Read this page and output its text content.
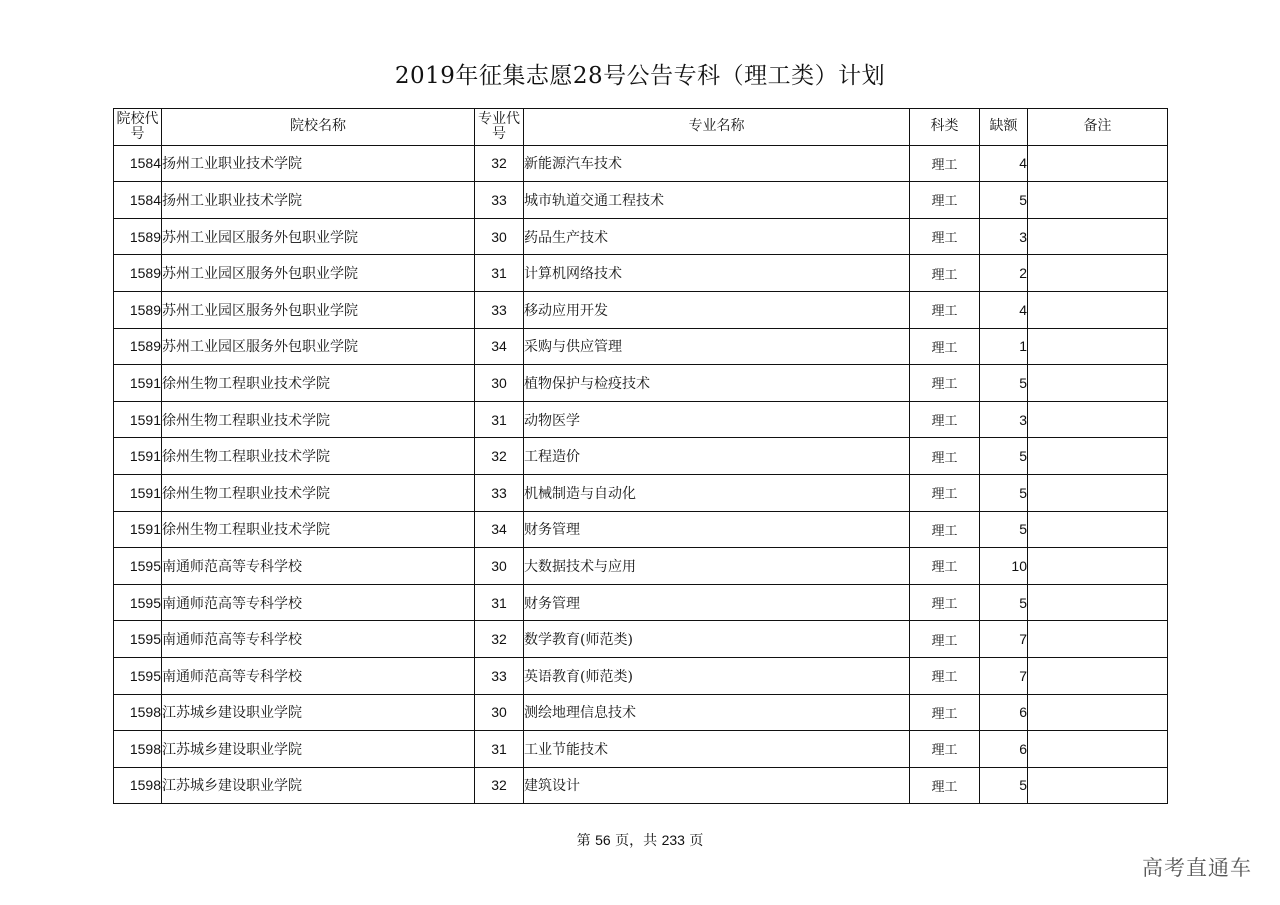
2019年征集志愿28号公告专科（理工类）计划
院校代号	院校名称	专业代号	专业名称	科类	缺额	备注
1584	扬州工业职业技术学院	32	新能源汽车技术	理工	4	
1584	扬州工业职业技术学院	33	城市轨道交通工程技术	理工	5	
1589	苏州工业园区服务外包职业学院	30	药品生产技术	理工	3	
1589	苏州工业园区服务外包职业学院	31	计算机网络技术	理工	2	
1589	苏州工业园区服务外包职业学院	33	移动应用开发	理工	4	
1589	苏州工业园区服务外包职业学院	34	采购与供应管理	理工	1	
1591	徐州生物工程职业技术学院	30	植物保护与检疫技术	理工	5	
1591	徐州生物工程职业技术学院	31	动物医学	理工	3	
1591	徐州生物工程职业技术学院	32	工程造价	理工	5	
1591	徐州生物工程职业技术学院	33	机械制造与自动化	理工	5	
1591	徐州生物工程职业技术学院	34	财务管理	理工	5	
1595	南通师范高等专科学校	30	大数据技术与应用	理工	10	
1595	南通师范高等专科学校	31	财务管理	理工	5	
1595	南通师范高等专科学校	32	数学教育(师范类)	理工	7	
1595	南通师范高等专科学校	33	英语教育(师范类)	理工	7	
1598	江苏城乡建设职业学院	30	测绘地理信息技术	理工	6	
1598	江苏城乡建设职业学院	31	工业节能技术	理工	6	
1598	江苏城乡建设职业学院	32	建筑设计	理工	5	
第 56 页，共 233 页
高考直通车
